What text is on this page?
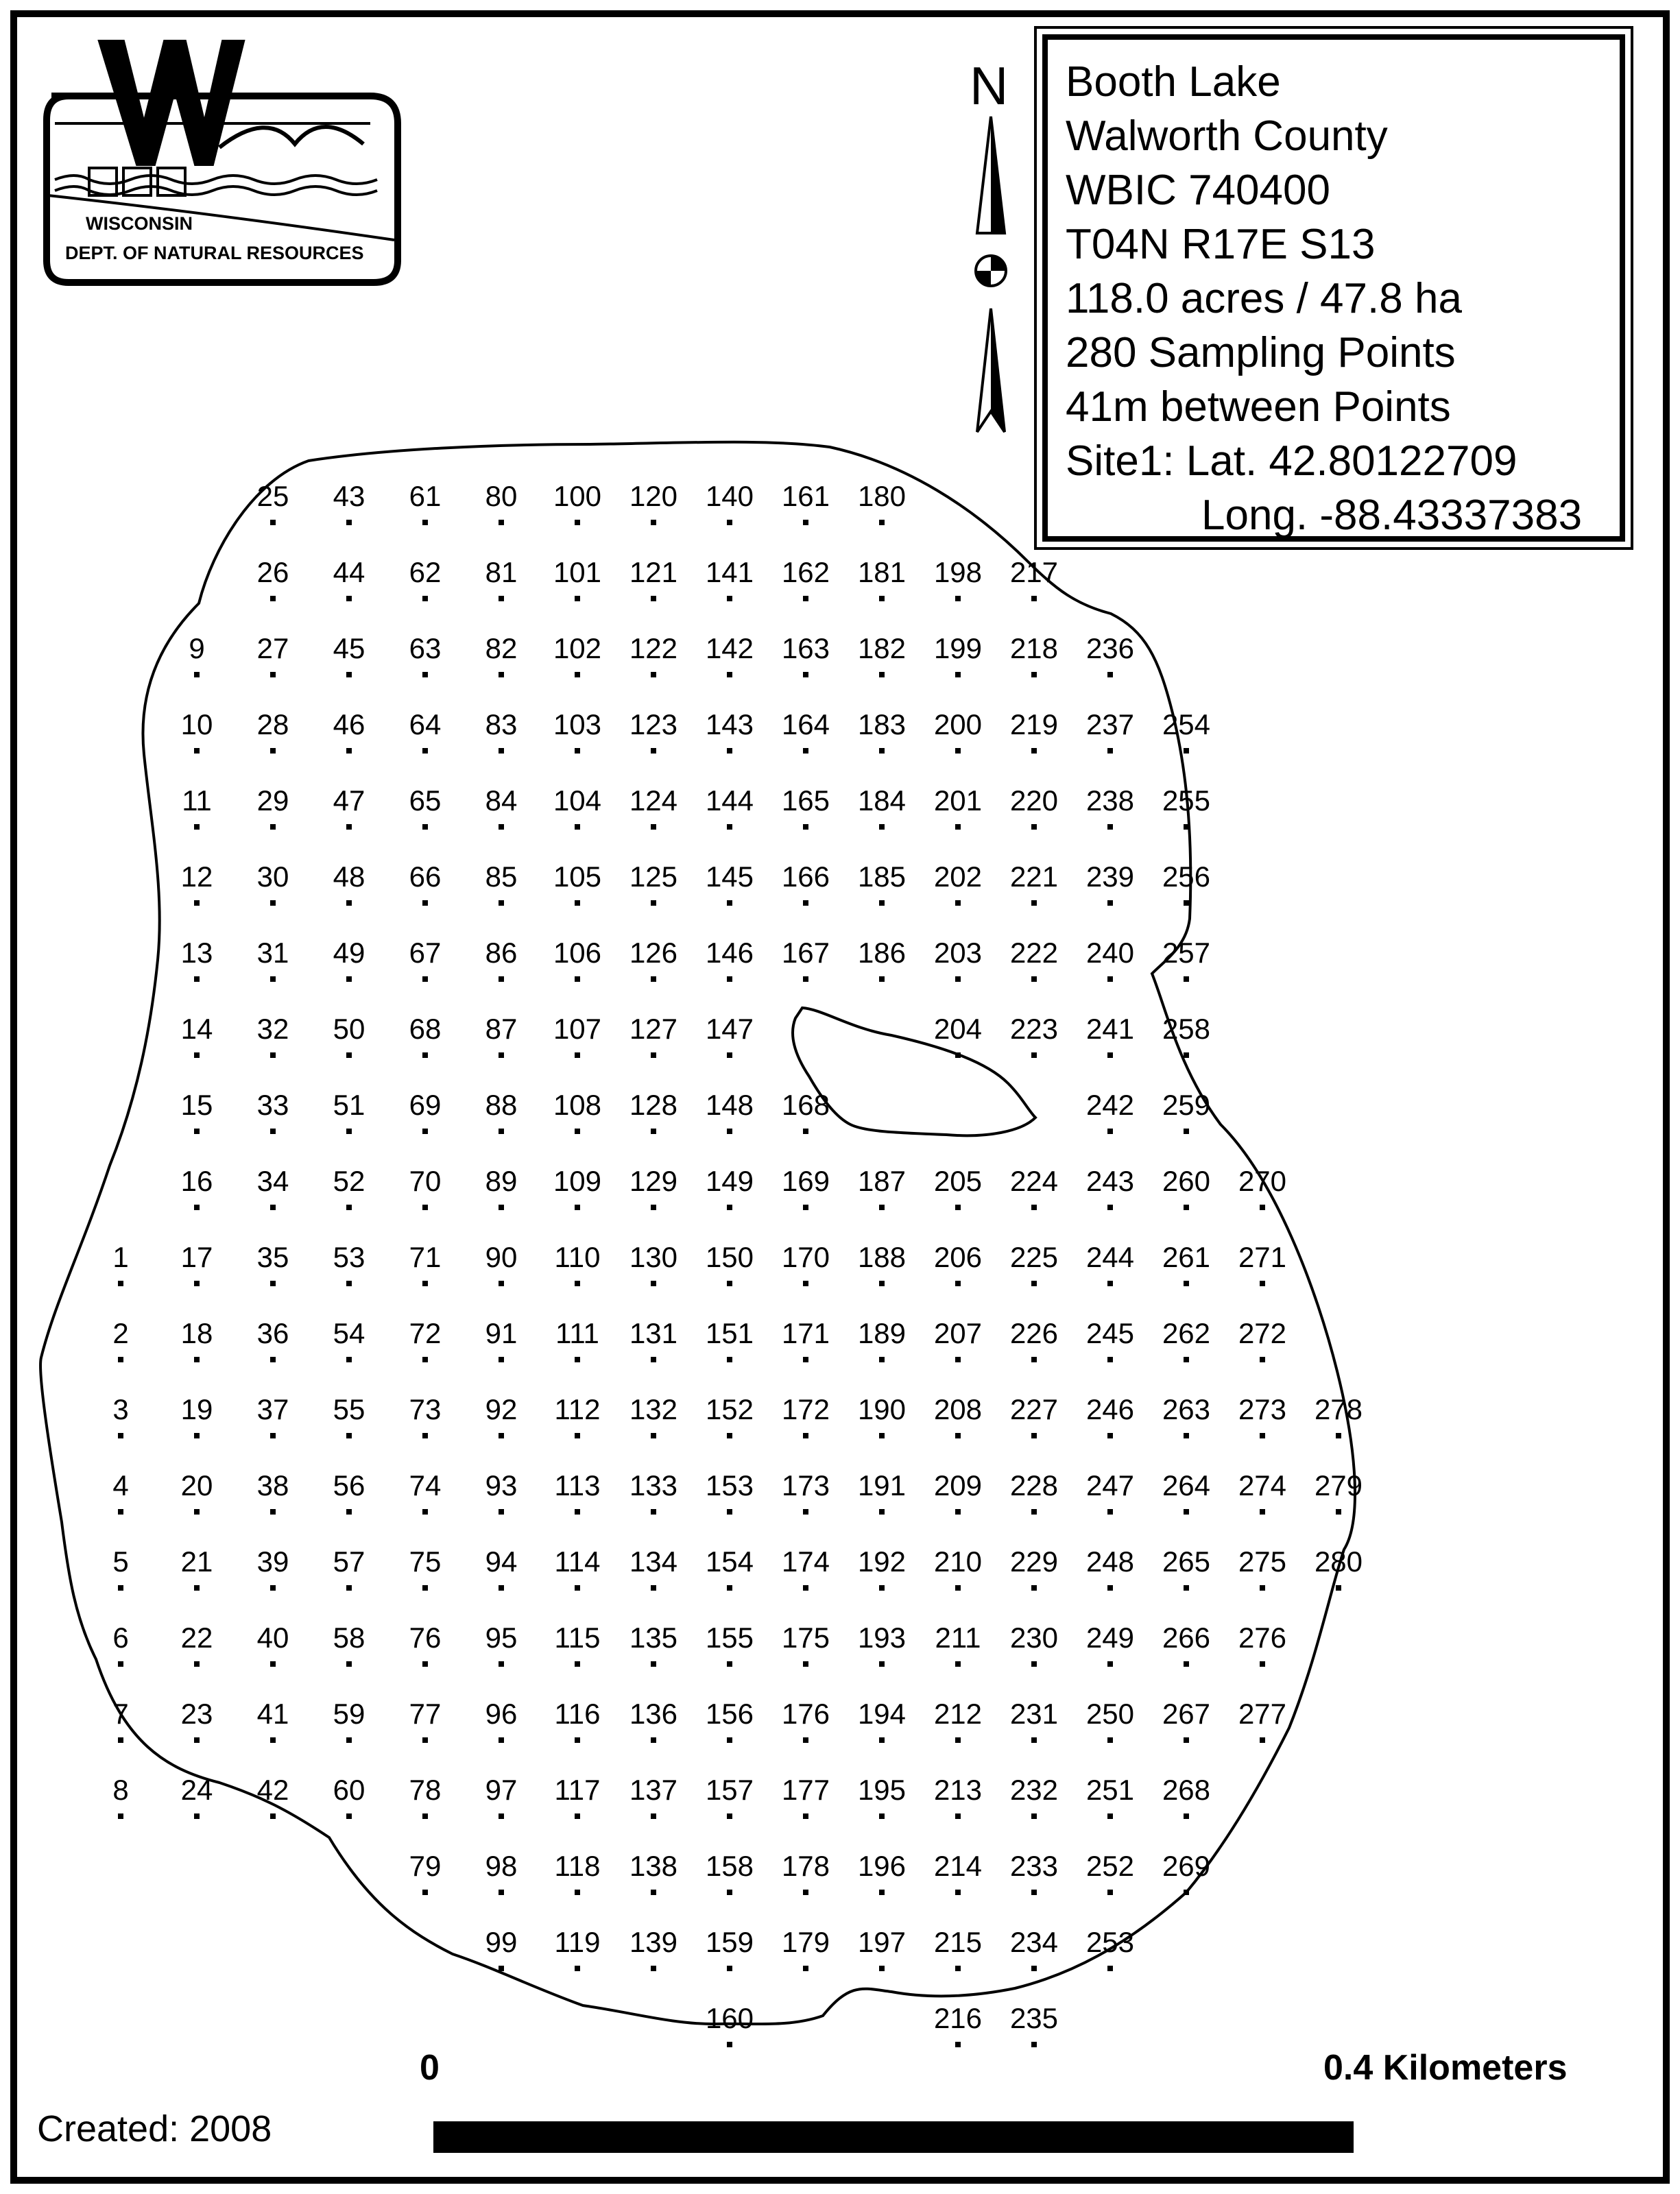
WISCONSIN
DEPT. OF NATURAL RESOURCES
1
2
3
4
5
6
7
8
9
10
11
12
13
14
15
16
17
18
19
20
21
22
23
24
25
26
27
28
29
30
31
32
33
34
35
36
37
38
39
40
41
42
43
44
45
46
47
48
49
50
51
52
53
54
55
56
57
58
59
60
61
62
63
64
65
66
67
68
69
70
71
72
73
74
75
76
77
78
79
80
81
82
83
84
85
86
87
88
89
90
91
92
93
94
95
96
97
98
99
100
101
102
103
104
105
106
107
108
109
110
111
112
113
114
115
116
117
118
119
120
121
122
123
124
125
126
127
128
129
130
131
132
133
134
135
136
137
138
139
140
141
142
143
144
145
146
147
148
149
150
151
152
153
154
155
156
157
158
159
160
161
162
163
164
165
166
167
168
169
170
171
172
173
174
175
176
177
178
179
180
181
182
183
184
185
186
187
188
189
190
191
192
193
194
195
196
197
198
199
200
201
202
203
204
205
206
207
208
209
210
211
212
213
214
215
216
217
218
219
220
221
222
223
224
225
226
227
228
229
230
231
232
233
234
235
236
237
238
239
240
241
242
243
244
245
246
247
248
249
250
251
252
253
254
255
256
257
258
259
260
261
262
263
264
265
266
267
268
269
270
271
272
273
274
275
276
277
278
279
280
N Booth Lake
Walworth County
WBIC 740400
T04N R17E S13
118.0 acres / 47.8 ha
280 Sampling Points
41m between Points
Site1: Lat. 42.80122709
Long. -88.43337383
0	0.4 Kilometers
Created: 2008
